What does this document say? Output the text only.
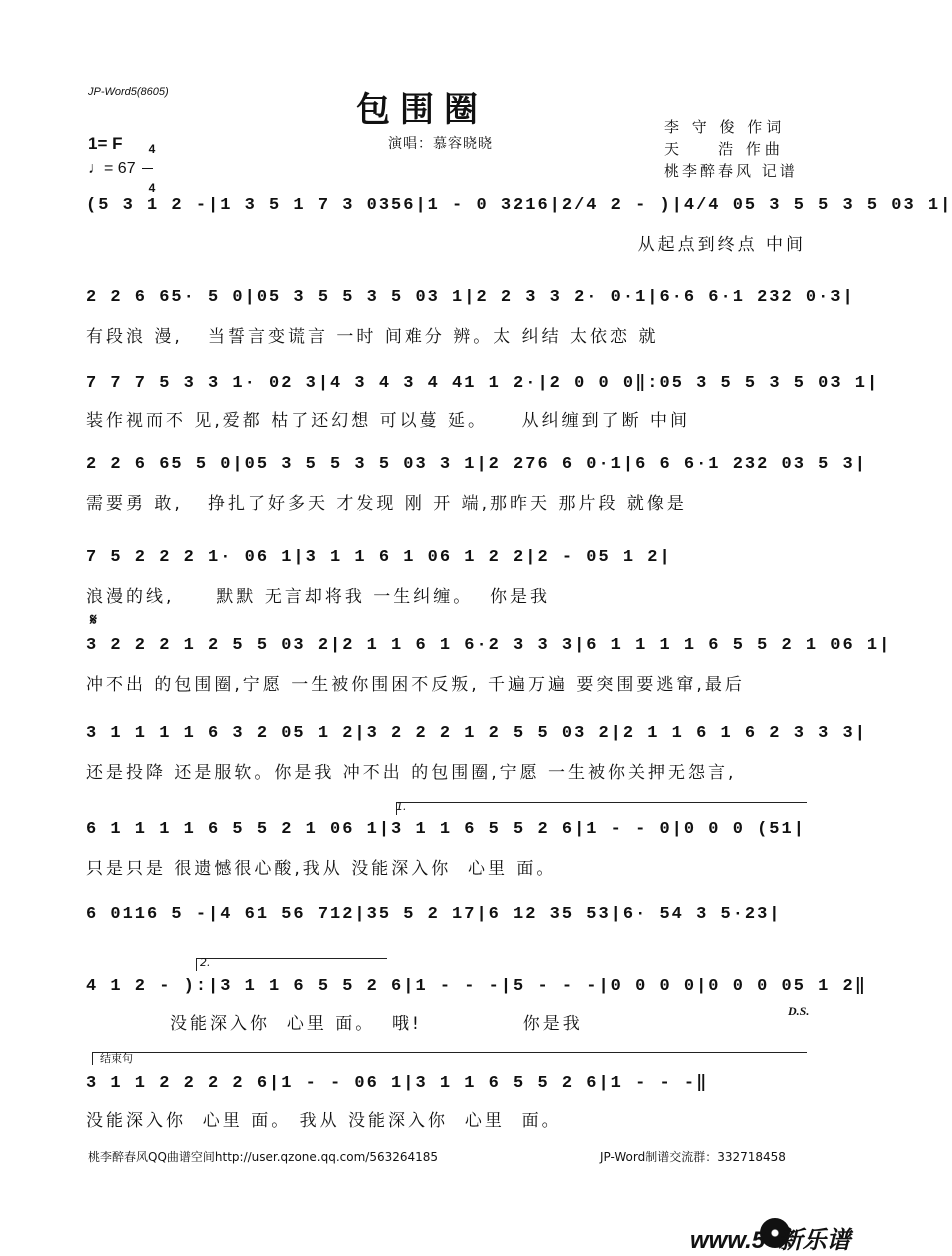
JP-Word5(8605)	包围圈
演唱：慕容晓晓
李 守 俊 作词
天    浩 作曲
桃李醉春风 记谱
1= F	4

4

♩= 67
(5 3 1 2 -|1 3 5 1 7 3 0356|1 - 0 3216|2/4 2 - )|4/4 05 3 5 5 3 5 03 1|
从起点到终点 中间
2 2 6 65· 5 0|05 3 5 5 3 5 03 1|2 2 3 3 2· 0·1|6·6 6·1 232 0·3|
有段浪 漫,   当誓言变谎言 一时 间难分 辨。太 纠结 太依恋 就
7 7 7 5 3 3 1· 02 3|4 3 4 3 4 41 1 2·|2 0 0 0‖:05 3 5 5 3 5 03 1|
装作视而不 见,爱都 枯了还幻想 可以蔓 延。    从纠缠到了断 中间
2 2 6 65 5 0|05 3 5 5 3 5 03 3 1|2 276 6 0·1|6 6 6·1 232 03 5 3|
需要勇 敢,   挣扎了好多天 才发现 刚 开 端,那昨天 那片段 就像是
7 5 2 2 2 1· 06 1|3 1 1 6 1 06 1 2 2|2 - 05 1 2|
浪漫的线,     默默 无言却将我 一生纠缠。  你是我
3 2 2 2 1 2 5 5 03 2|2 1 1 6 1 6·2 3 3 3|6 1 1 1 1 6 5 5 2 1 06 1|
冲不出 的包围圈,宁愿 一生被你围困不反叛, 千遍万遍 要突围要逃窜,最后
3 1 1 1 1 6 3 2 05 1 2|3 2 2 2 1 2 5 5 03 2|2 1 1 6 1 6 2 3 3 3|
还是投降 还是服软。你是我 冲不出 的包围圈,宁愿 一生被你关押无怨言,
6 1 1 1 1 6 5 5 2 1 06 1|3 1 1 6 5 5 2 6|1 - - 0|0 0 0 (51|
只是只是 很遗憾很心酸,我从 没能深入你  心里 面。
6 0116 5 -|4 61 56 712|35 5 2 17|6 12 35 53|6· 54 3 5·23|
4 1 2 - ):|3 1 1 6 5 5 2 6|1 - - -|5 - - -|0 0 0 0|0 0 0 05 1 2‖
没能深入你  心里 面。  哦!            你是我
3 1 1 2 2 2 2 6|1 - - 06 1|3 1 1 6 5 5 2 6|1 - - -‖
没能深入你  心里 面。 我从 没能深入你  心里  面。
𝄋
1.
2.
D.S.
结束句
桃李醉春风QQ曲谱空间http://user.qzone.qq.com/563264185	JP-Word制谱交流群：332718458
www.5  新乐谱
